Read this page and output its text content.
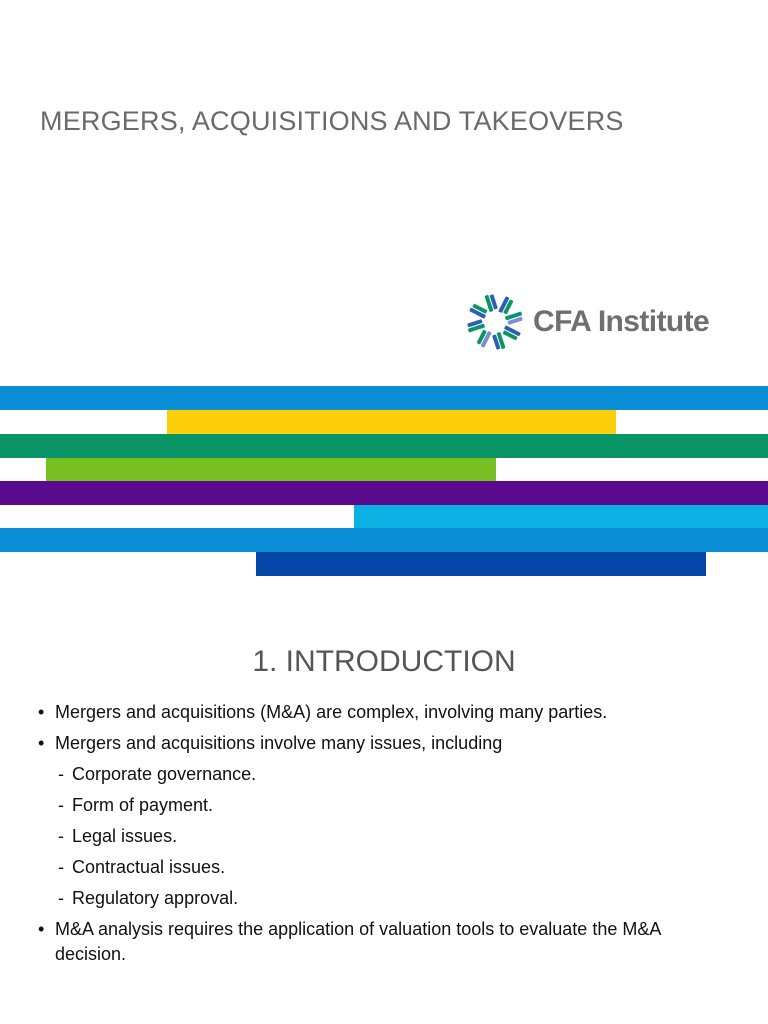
MERGERS, ACQUISITIONS AND TAKEOVERS
CFA Institute
1. INTRODUCTION

• Mergers and acquisitions (M&A) are complex, involving many parties.

• Mergers and acquisitions involve many issues, including

- Corporate governance.

- Form of payment.

- Legal issues.

- Contractual issues.

- Regulatory approval.

• M&A analysis requires the application of valuation tools to evaluate the M&A
decision.
